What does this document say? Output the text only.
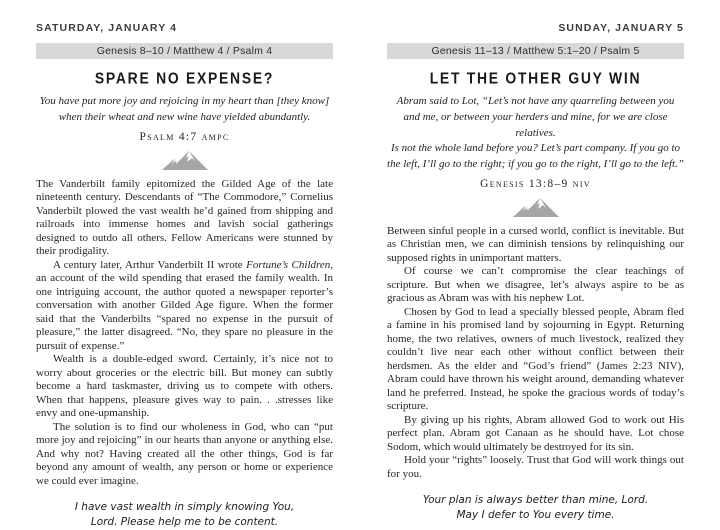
SATURDAY, JANUARY 4
Genesis 8–10 / Matthew 4 / Psalm 4
SPARE NO EXPENSE?
You have put more joy and rejoicing in my heart than [they know]
when their wheat and new wine have yielded abundantly.
Psalm 4:7 ampc

The Vanderbilt family epitomized the Gilded Age of the late nineteenth century. Descendants of “The Commodore,” Cornelius Vanderbilt plowed the vast wealth he’d gained from shipping and railroads into immense homes and lavish social gatherings designed to outdo all others. Fellow Americans were stunned by their prodigality.

A century later, Arthur Vanderbilt II wrote Fortune’s Children, an account of the wild spending that erased the family wealth. In one intriguing account, the author quoted a newspaper reporter’s conversation with another Gilded Age figure. When the former said that the Vanderbilts “spared no expense in the pursuit of pleasure,” the latter disagreed. “No, they spare no pleasure in the pursuit of expense.”

Wealth is a double-edged sword. Certainly, it’s nice not to worry about groceries or the electric bill. But money can subtly become a hard taskmaster, driving us to compete with others. When that happens, pleasure gives way to pain. . .stresses like envy and one-upmanship.

The solution is to find our wholeness in God, who can “put more joy and rejoicing” in our hearts than anyone or anything else. And why not? Having created all the other things, God is far beyond any amount of wealth, any person or home or experience we could ever imagine.

I have vast wealth in simply knowing You,
Lord. Please help me to be content.
SUNDAY, JANUARY 5
Genesis 11–13 / Matthew 5:1–20 / Psalm 5
LET THE OTHER GUY WIN
Abram said to Lot, “Let’s not have any quarreling between you
and me, or between your herders and mine, for we are close relatives.
Is not the whole land before you? Let’s part company. If you go to
the left, I’ll go to the right; if you go to the right, I’ll go to the left.”
Genesis 13:8–9 niv

Between sinful people in a cursed world, conflict is inevitable. But as Christian men, we can diminish tensions by relinquishing our supposed rights in unimportant matters.

Of course we can’t compromise the clear teachings of scripture. But when we disagree, let’s always aspire to be as gracious as Abram was with his nephew Lot.

Chosen by God to lead a specially blessed people, Abram fled a famine in his promised land by sojourning in Egypt. Returning home, the two relatives, owners of much livestock, realized they couldn’t live near each other without conflict between their herdsmen. As the elder and “God’s friend” (James 2:23 NIV), Abram could have thrown his weight around, demanding whatever land he preferred. Instead, he spoke the gracious words of today’s scripture.

By giving up his rights, Abram allowed God to work out His perfect plan. Abram got Canaan as he should have. Lot chose Sodom, which would ultimately be destroyed for its sin.

Hold your “rights” loosely. Trust that God will work things out for you.

Your plan is always better than mine, Lord.
May I defer to You every time.
